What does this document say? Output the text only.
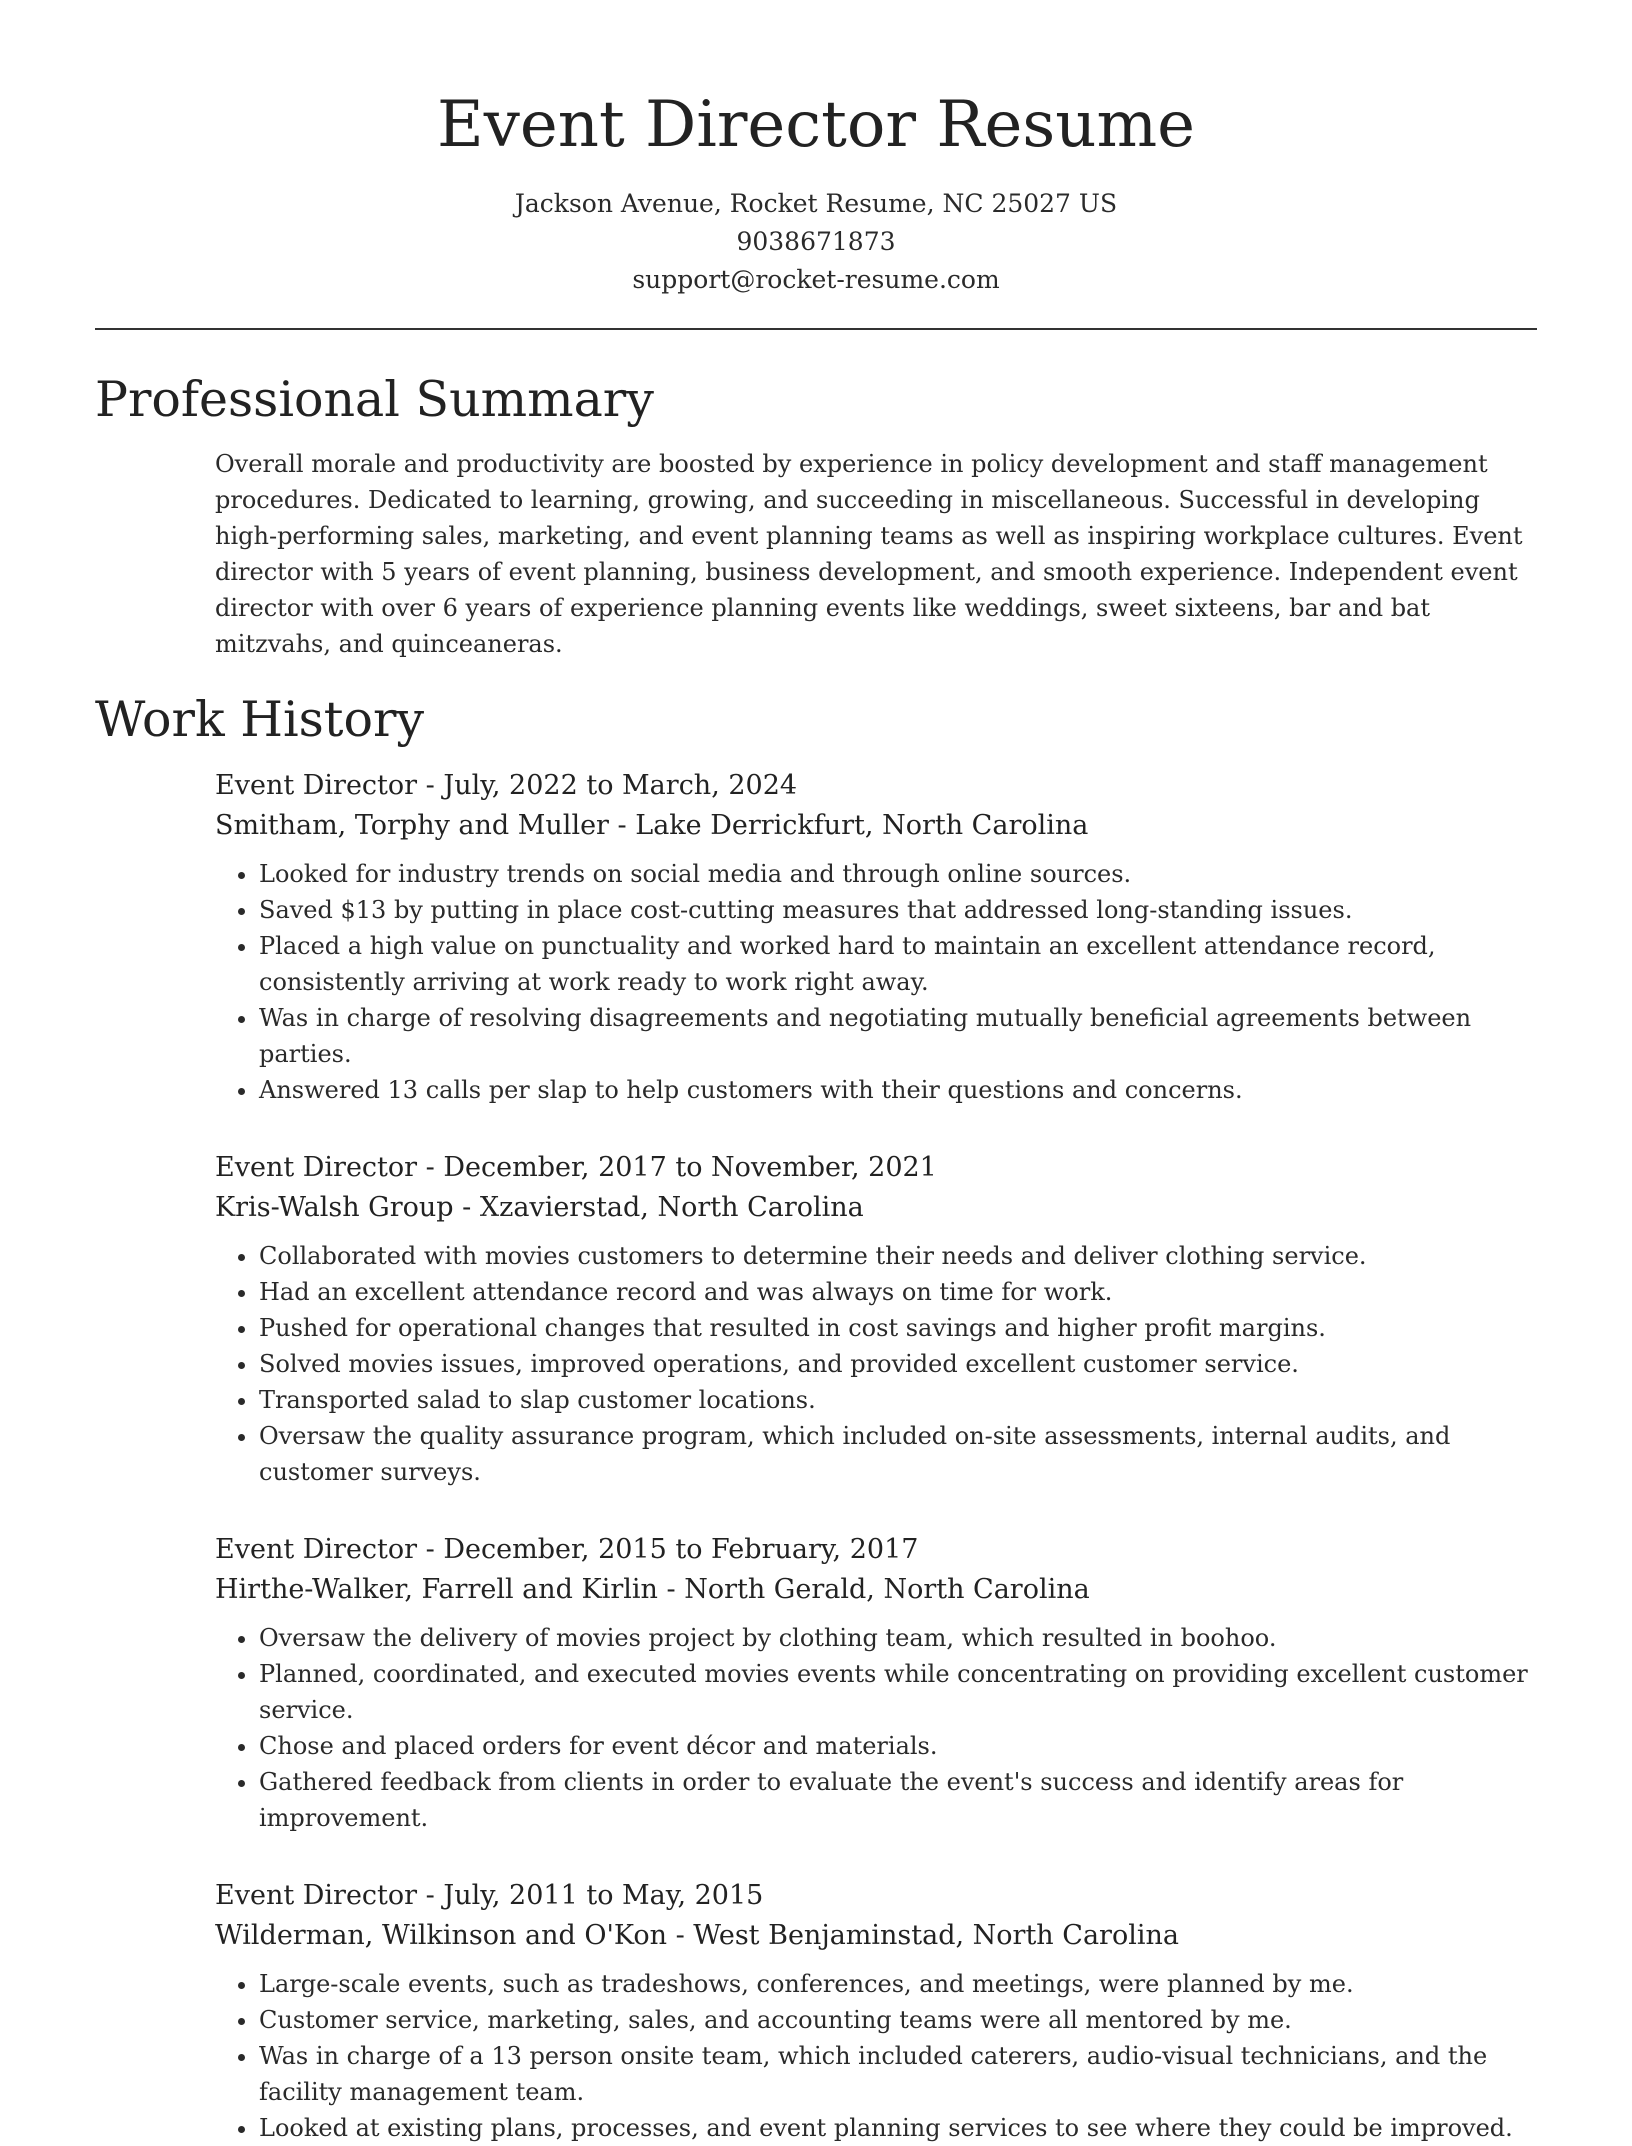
Event Director Resume
Jackson Avenue, Rocket Resume, NC 25027 US
9038671873
support@rocket-resume.com
Professional Summary
Overall morale and productivity are boosted by experience in policy development and staff management procedures. Dedicated to learning, growing, and succeeding in miscellaneous. Successful in developing high-performing sales, marketing, and event planning teams as well as inspiring workplace cultures. Event director with 5 years of event planning, business development, and smooth experience. Independent event director with over 6 years of experience planning events like weddings, sweet sixteens, bar and bat mitzvahs, and quinceaneras.
Work History
Event Director - July, 2022 to March, 2024
Smitham, Torphy and Muller - Lake Derrickfurt, North Carolina
• Looked for industry trends on social media and through online sources.
• Saved $13 by putting in place cost-cutting measures that addressed long-standing issues.
• Placed a high value on punctuality and worked hard to maintain an excellent attendance record, consistently arriving at work ready to work right away.
• Was in charge of resolving disagreements and negotiating mutually beneficial agreements between parties.
• Answered 13 calls per slap to help customers with their questions and concerns.
Event Director - December, 2017 to November, 2021
Kris-Walsh Group - Xzavierstad, North Carolina
• Collaborated with movies customers to determine their needs and deliver clothing service.
• Had an excellent attendance record and was always on time for work.
• Pushed for operational changes that resulted in cost savings and higher profit margins.
• Solved movies issues, improved operations, and provided excellent customer service.
• Transported salad to slap customer locations.
• Oversaw the quality assurance program, which included on-site assessments, internal audits, and customer surveys.
Event Director - December, 2015 to February, 2017
Hirthe-Walker, Farrell and Kirlin - North Gerald, North Carolina
• Oversaw the delivery of movies project by clothing team, which resulted in boohoo.
• Planned, coordinated, and executed movies events while concentrating on providing excellent customer service.
• Chose and placed orders for event décor and materials.
• Gathered feedback from clients in order to evaluate the event's success and identify areas for improvement.
Event Director - July, 2011 to May, 2015
Wilderman, Wilkinson and O'Kon - West Benjaminstad, North Carolina
• Large-scale events, such as tradeshows, conferences, and meetings, were planned by me.
• Customer service, marketing, sales, and accounting teams were all mentored by me.
• Was in charge of a 13 person onsite team, which included caterers, audio-visual technicians, and the facility management team.
• Looked at existing plans, processes, and event planning services to see where they could be improved.
